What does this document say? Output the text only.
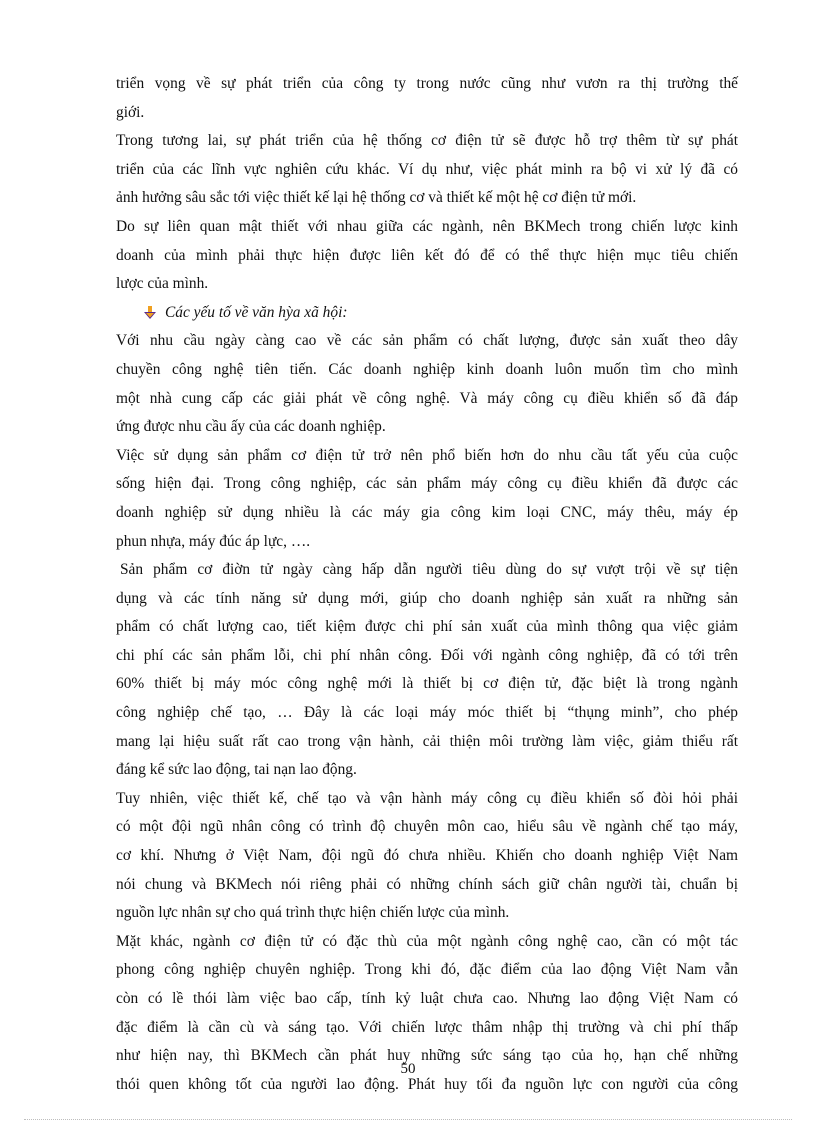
triển vọng về sự phát triển của công ty trong nước cũng như vươn ra thị trường thế
giới.
Trong tương lai, sự phát triển của hệ thống cơ điện tử sẽ được hỗ trợ thêm từ sự phát
triển của các lĩnh vực nghiên cứu khác. Ví dụ như, việc phát minh ra bộ vi xử lý đã có
ảnh hưởng sâu sắc tới việc thiết kế lại hệ thống cơ và thiết kế một hệ cơ điện tử mới.
Do sự liên quan mật thiết với nhau giữa các ngành, nên BKMech trong chiến lược kinh
doanh của mình phải thực hiện được liên kết đó để có thể thực hiện mục tiêu chiến
lược của mình.
Các yếu tố về văn hỳa xã hội:
Với nhu cầu ngày càng cao về các sản phẩm có chất lượng, được sản xuất theo dây
chuyền công nghệ tiên tiến. Các doanh nghiệp kinh doanh luôn muốn tìm cho mình
một nhà cung cấp các giải phát về công nghệ. Và máy công cụ điều khiển số đã đáp
ứng được nhu cầu ấy của các doanh nghiệp.
Việc sử dụng sản phẩm cơ điện tử trở nên phổ biến hơn do nhu cầu tất yếu của cuộc
sống hiện đại. Trong công nghiệp, các sản phẩm máy công cụ điều khiển đã được các
doanh nghiệp sử dụng nhiều là các máy gia công kim loại CNC, máy thêu, máy ép
phun nhựa, máy đúc áp lực, ….
Sản phẩm cơ điờn tử ngày càng hấp dẫn người tiêu dùng do sự vượt trội về sự tiện
dụng và các tính năng sử dụng mới, giúp cho doanh nghiệp sản xuất ra những sản
phẩm có chất lượng cao, tiết kiệm được chi phí sản xuất của mình thông qua việc giảm
chi phí các sản phẩm lỗi, chi phí nhân công. Đối với ngành công nghiệp, đã có tới trên
60% thiết bị máy móc công nghệ mới là thiết bị cơ điện tử, đặc biệt là trong ngành
công nghiệp chế tạo, … Đây là các loại máy móc thiết bị “thụng minh”, cho phép
mang lại hiệu suất rất cao trong vận hành, cải thiện môi trường làm việc, giảm thiểu rất
đáng kể sức lao động, tai nạn lao động.
Tuy nhiên, việc thiết kế, chế tạo và vận hành máy công cụ điều khiển số đòi hỏi phải
có một đội ngũ nhân công có trình độ chuyên môn cao, hiểu sâu về ngành chế tạo máy,
cơ khí. Nhưng ở Việt Nam, đội ngũ đó chưa nhiều. Khiến cho doanh nghiệp Việt Nam
nói chung và BKMech nói riêng phải có những chính sách giữ chân người tài, chuẩn bị
nguồn lực nhân sự cho quá trình thực hiện chiến lược của mình.
Mặt khác, ngành cơ điện tử có đặc thù của một ngành công nghệ cao, cần có một tác
phong công nghiệp chuyên nghiệp. Trong khi đó, đặc điểm của lao động Việt Nam vẫn
còn có lề thói làm việc bao cấp, tính kỷ luật chưa cao. Nhưng lao động Việt Nam có
đặc điểm là cần cù và sáng tạo. Với chiến lược thâm nhập thị trường và chi phí thấp
như hiện nay, thì BKMech cần phát huy những sức sáng tạo của họ, hạn chế những
thói quen không tốt của người lao động. Phát huy tối đa nguồn lực con người của công
50
